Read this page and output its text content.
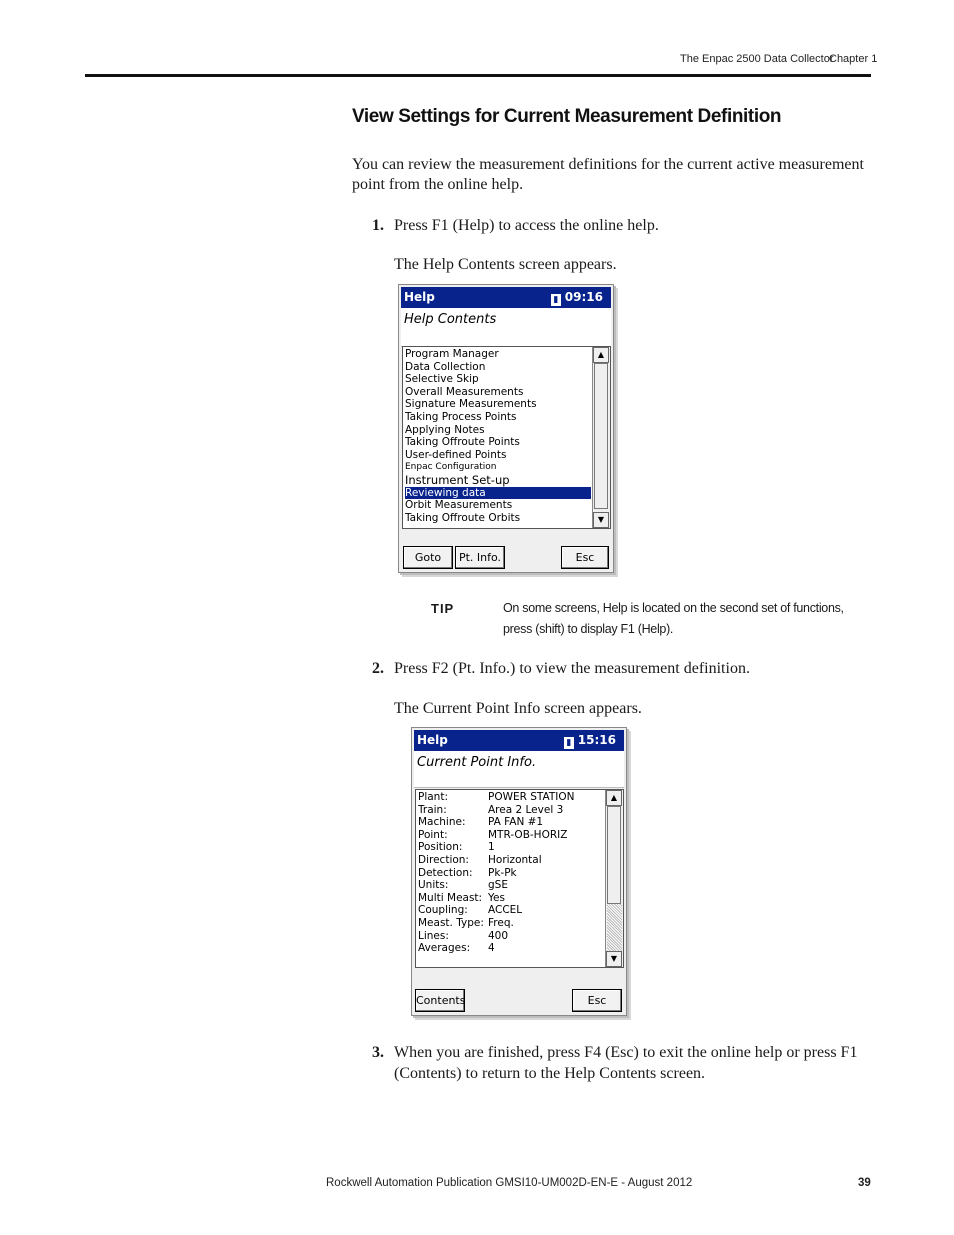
The Enpac 2500 Data Collector
Chapter 1
View Settings for Current Measurement Definition
You can review the measurement definitions for the current active measurement point from the online help.
1. Press F1 (Help) to access the online help.
The Help Contents screen appears.
Help	▮ 09:16
Help Contents
Program Manager
Data Collection
Selective Skip
Overall Measurements
Signature Measurements
Taking Process Points
Applying Notes
Taking Offroute Points
User-defined Points
Enpac Configuration
Instrument Set-up
Reviewing data
Orbit Measurements
Taking Offroute Orbits
▲
▼
Goto	Pt. Info.	Esc
TIP	On some screens, Help is located on the second set of functions, press (shift) to display F1 (Help).
2. Press F2 (Pt. Info.) to view the measurement definition.
The Current Point Info screen appears.
Help	▮ 15:16
Current Point Info.
Plant:	POWER STATION
Train:	Area 2 Level 3
Machine:	PA FAN #1
Point:	MTR-OB-HORIZ
Position:	1
Direction:	Horizontal
Detection:	Pk-Pk
Units:	gSE
Multi Meast: Yes
Coupling:	ACCEL
Meast. Type: Freq.
Lines:	400
Averages:	4
▲
▼
Contents	Esc
3. When you are finished, press F4 (Esc) to exit the online help or press F1 (Contents) to return to the Help Contents screen.
Rockwell Automation Publication GMSI10-UM002D-EN-E - August 2012	39
